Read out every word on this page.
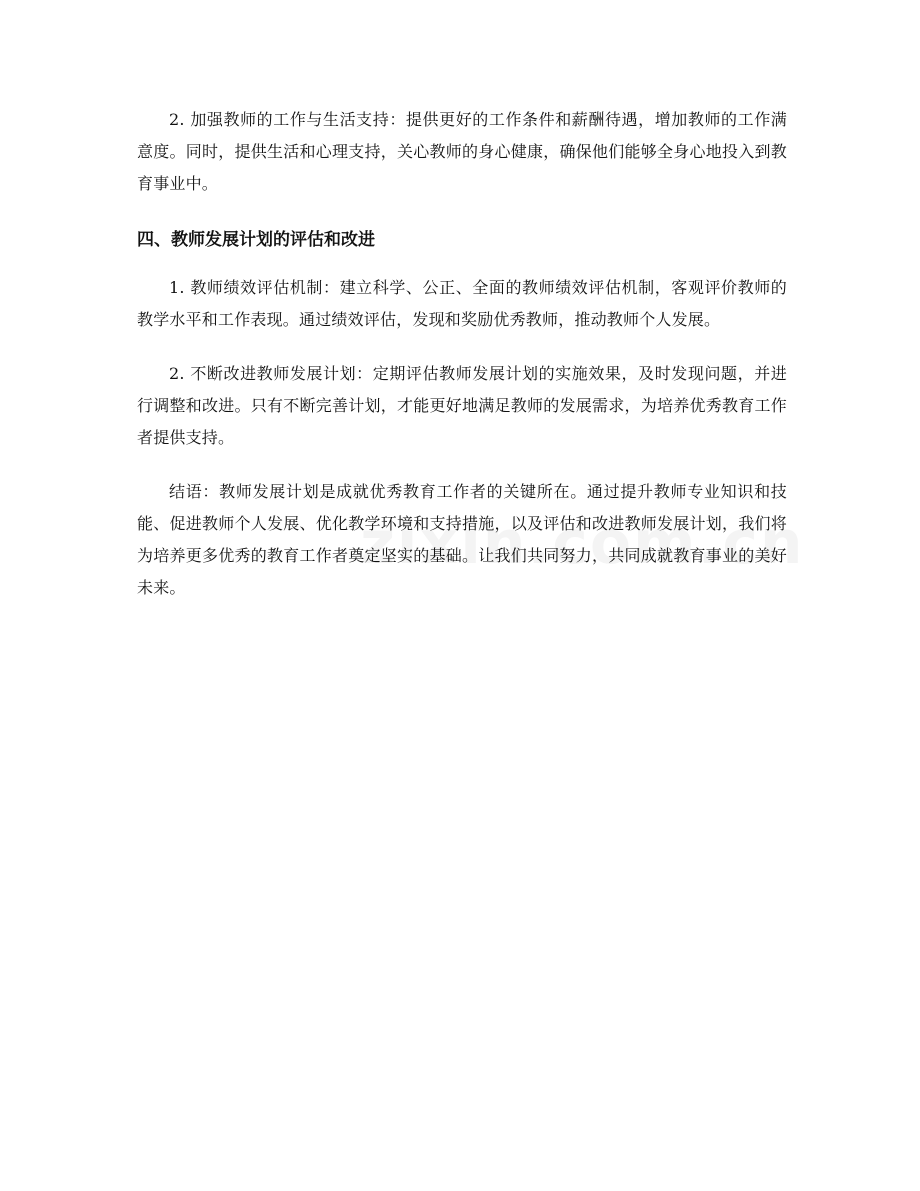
2. 加强教师的工作与生活支持：提供更好的工作条件和薪酬待遇，增加教师的工作满意度。同时，提供生活和心理支持，关心教师的身心健康，确保他们能够全身心地投入到教育事业中。

四、教师发展计划的评估和改进

1. 教师绩效评估机制：建立科学、公正、全面的教师绩效评估机制，客观评价教师的教学水平和工作表现。通过绩效评估，发现和奖励优秀教师，推动教师个人发展。

2. 不断改进教师发展计划：定期评估教师发展计划的实施效果，及时发现问题，并进行调整和改进。只有不断完善计划，才能更好地满足教师的发展需求，为培养优秀教育工作者提供支持。

结语：教师发展计划是成就优秀教育工作者的关键所在。通过提升教师专业知识和技能、促进教师个人发展、优化教学环境和支持措施，以及评估和改进教师发展计划，我们将为培养更多优秀的教育工作者奠定坚实的基础。让我们共同努力，共同成就教育事业的美好未来。
